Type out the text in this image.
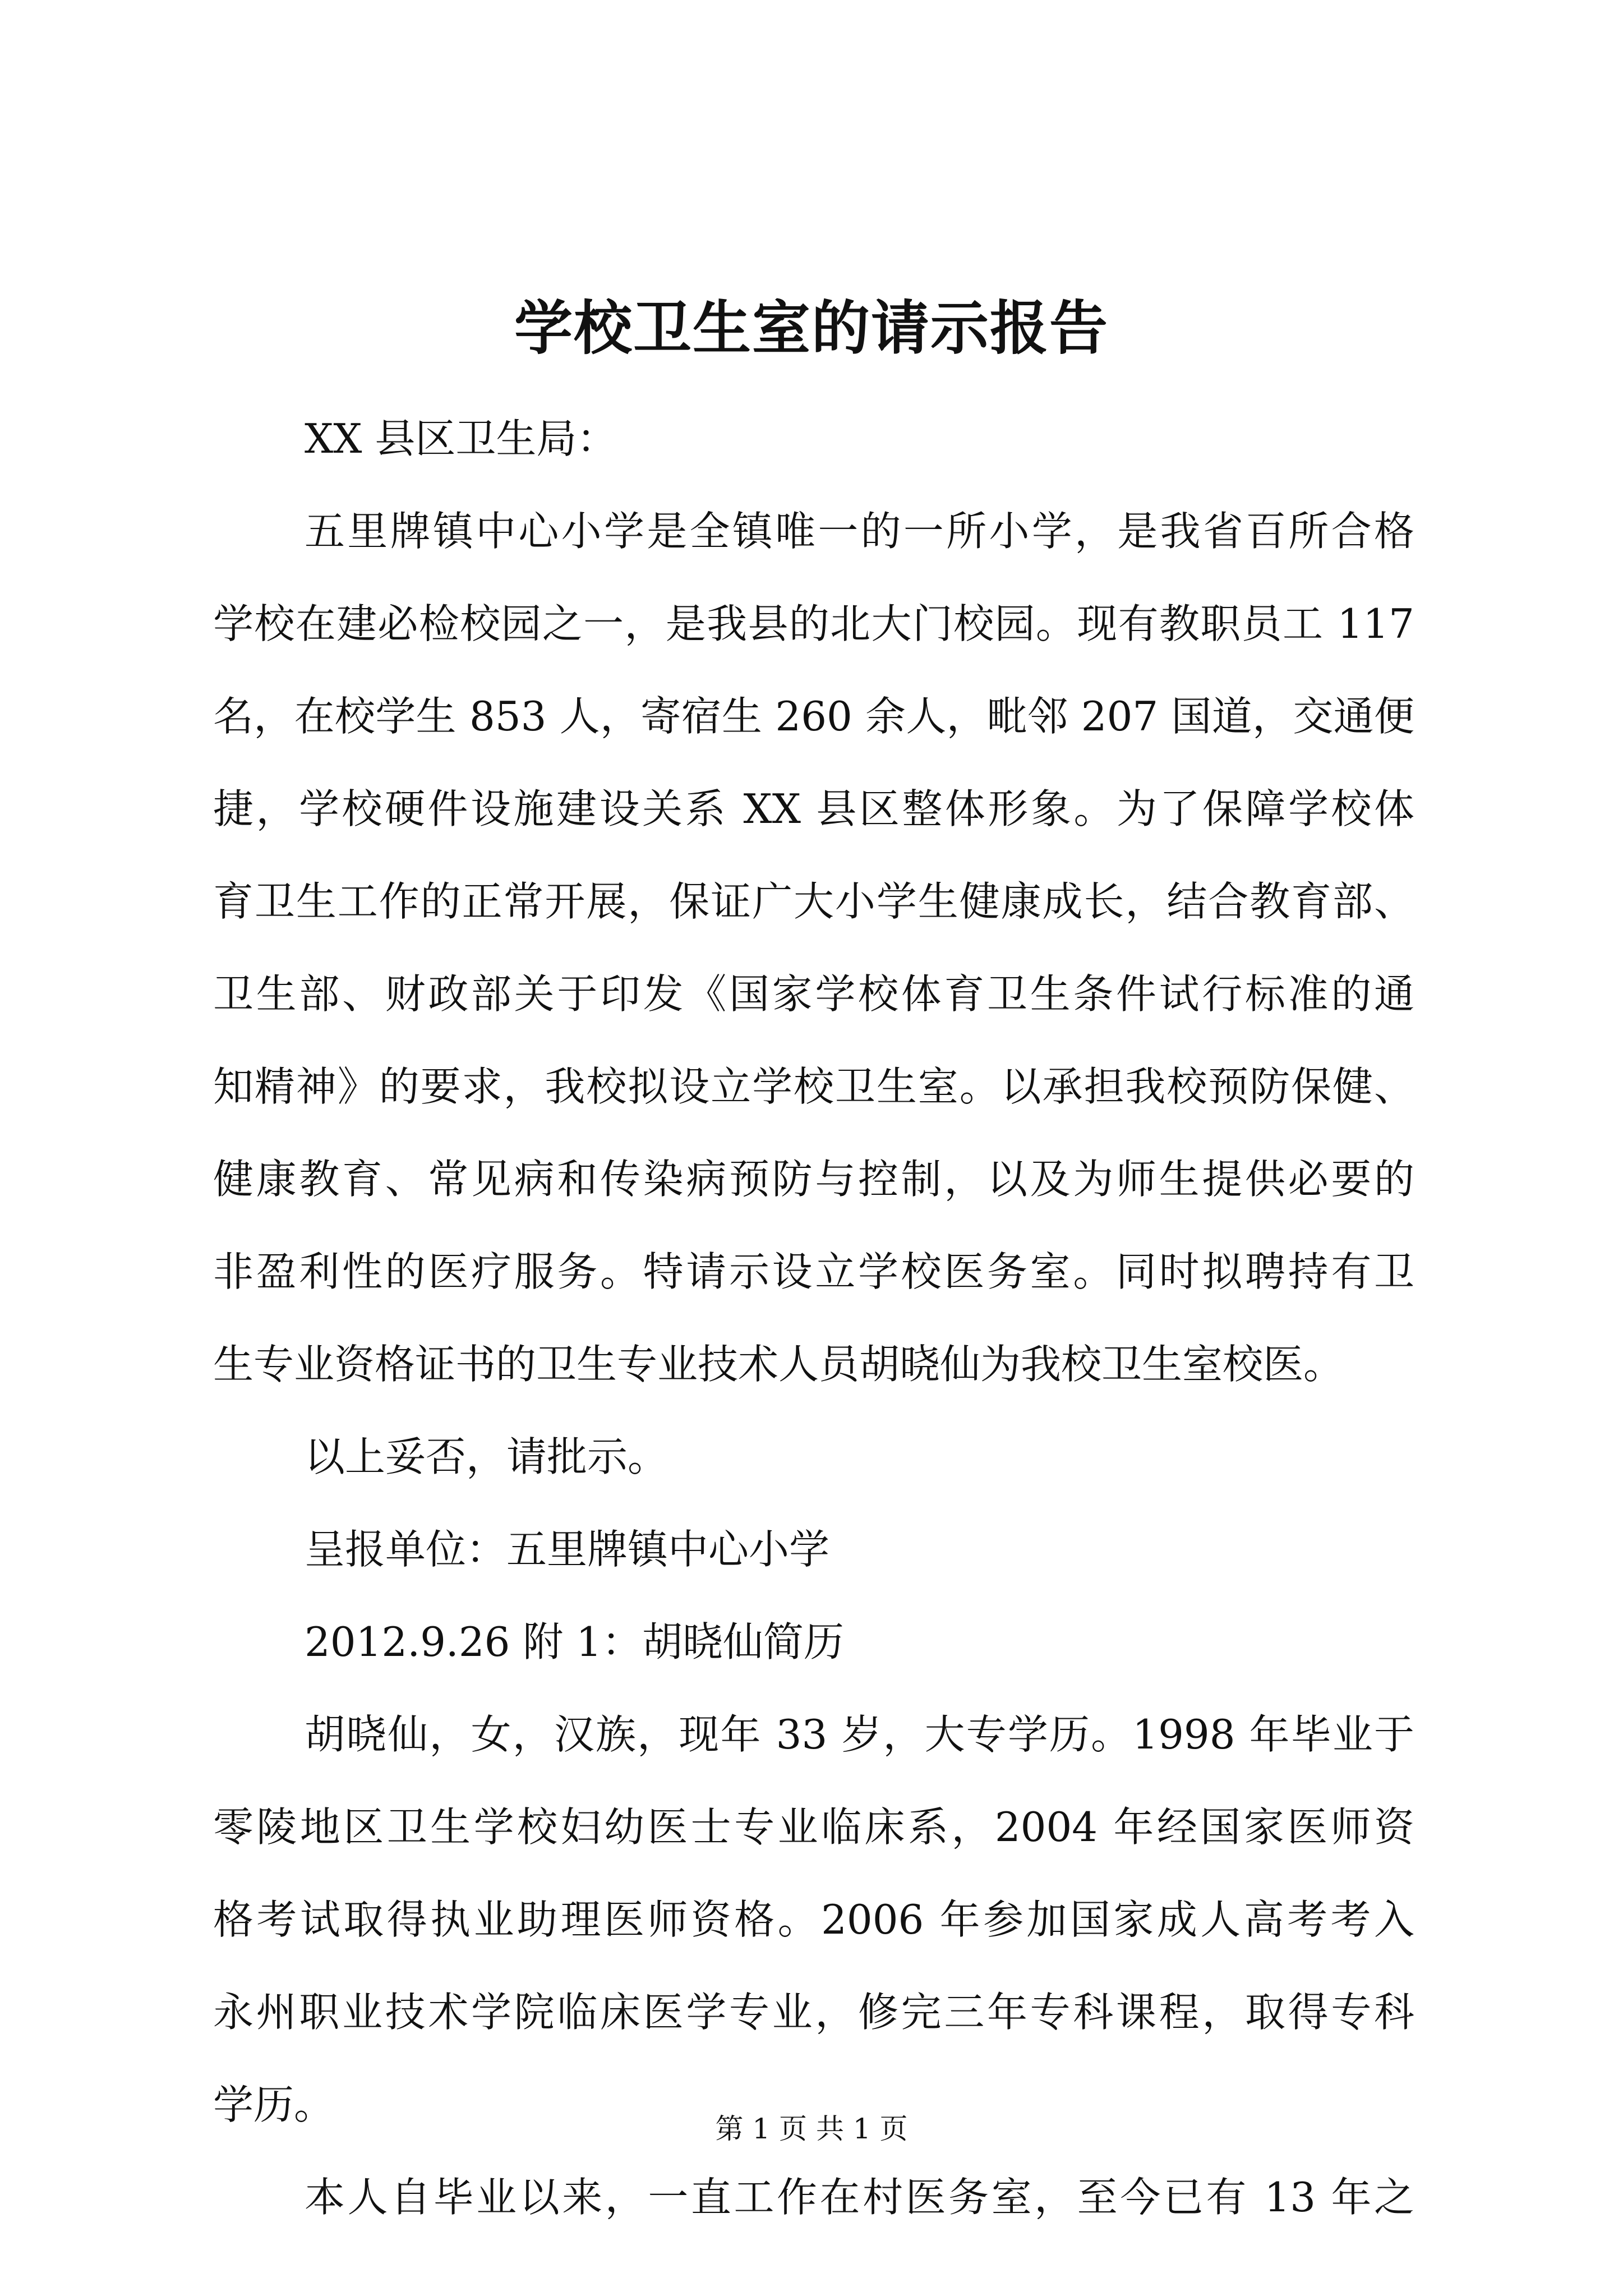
学校卫生室的请示报告
XX 县区卫生局：
五里牌镇中心小学是全镇唯一的一所小学，是我省百所合格
学校在建必检校园之一，是我县的北大门校园。现有教职员工 117
名，在校学生 853 人，寄宿生 260 余人，毗邻 207 国道，交通便
捷，学校硬件设施建设关系 XX 县区整体形象。为了保障学校体
育卫生工作的正常开展，保证广大小学生健康成长，结合教育部、
卫生部、财政部关于印发《国家学校体育卫生条件试行标准的通
知精神》的要求，我校拟设立学校卫生室。以承担我校预防保健、
健康教育、常见病和传染病预防与控制，以及为师生提供必要的
非盈利性的医疗服务。特请示设立学校医务室。同时拟聘持有卫
生专业资格证书的卫生专业技术人员胡晓仙为我校卫生室校医。
以上妥否，请批示。
呈报单位：五里牌镇中心小学
2012.9.26 附 1：胡晓仙简历
胡晓仙，女，汉族，现年 33 岁，大专学历。1998 年毕业于
零陵地区卫生学校妇幼医士专业临床系，2004 年经国家医师资
格考试取得执业助理医师资格。2006 年参加国家成人高考考入
永州职业技术学院临床医学专业，修完三年专科课程，取得专科
学历。
本人自毕业以来，一直工作在村医务室，至今已有 13 年之
第 1 页 共 1 页
